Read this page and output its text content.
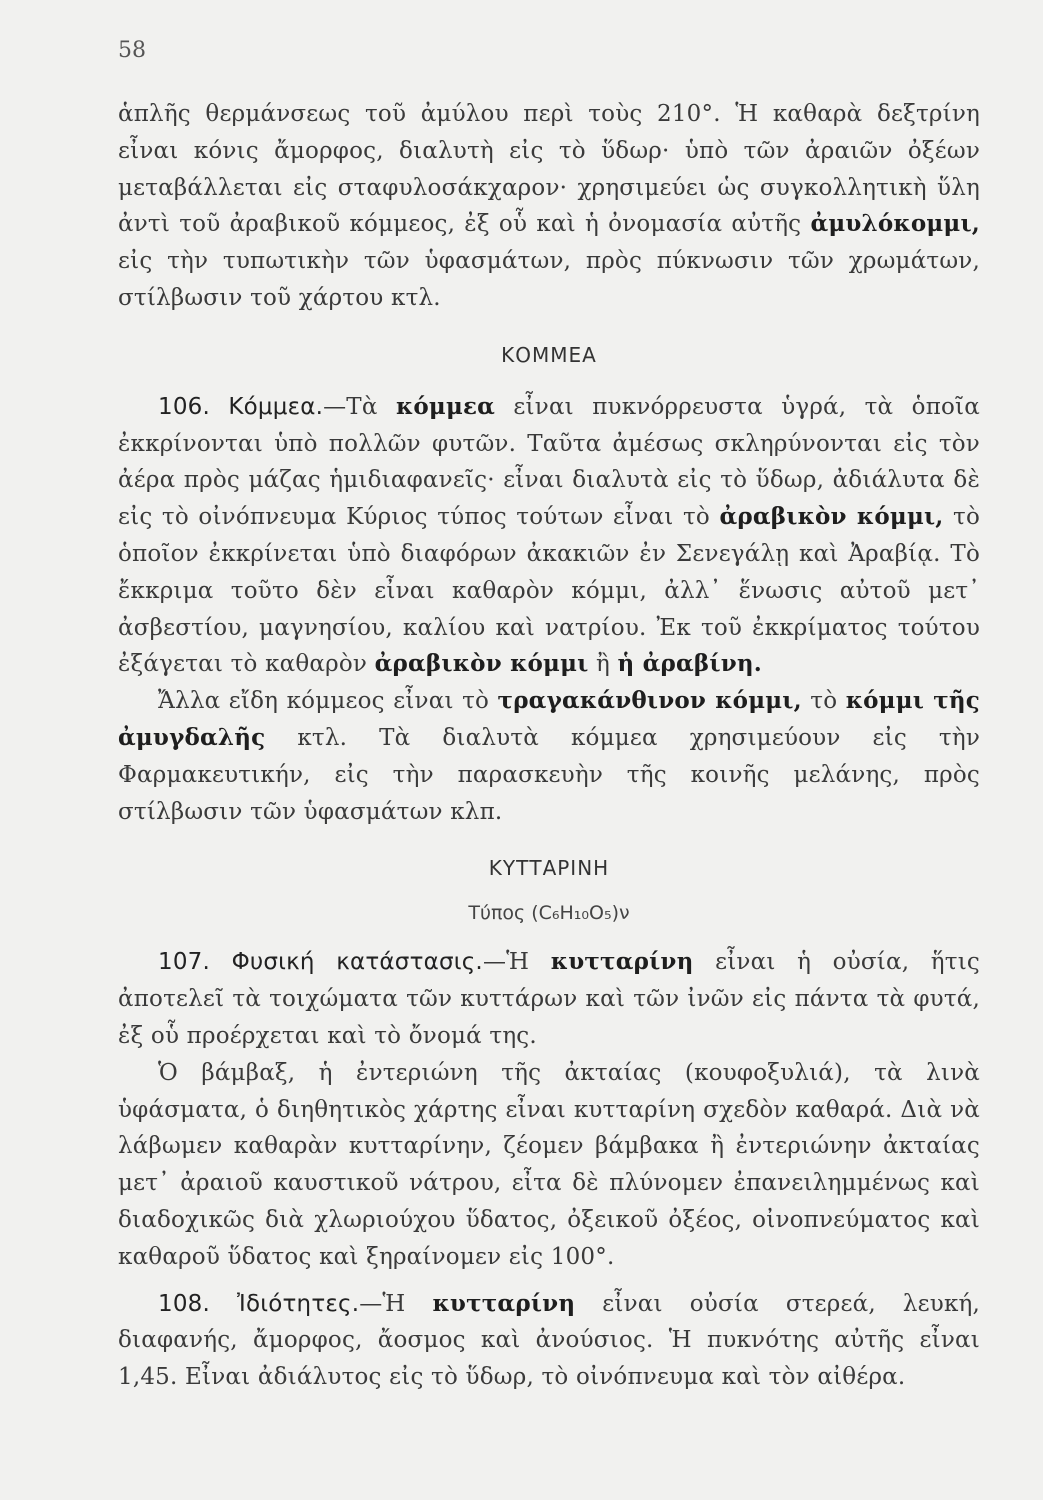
58

ἁπλῆς θερμάνσεως τοῦ ἀμύλου περὶ τοὺς 210°. Ἡ καθαρὰ δεξτρίνη εἶναι κόνις ἄμορφος, διαλυτὴ εἰς τὸ ὕδωρ· ὑπὸ τῶν ἀραιῶν ὀξέων μεταβάλλεται εἰς σταφυλοσάκχαρον· χρησιμεύει ὡς συγκολλητικὴ ὕλη ἀντὶ τοῦ ἀραβικοῦ κόμμεος, ἐξ οὗ καὶ ἡ ὀνομασία αὐτῆς ἀμυλόκομμι, εἰς τὴν τυπωτικὴν τῶν ὑφασμάτων, πρὸς πύκνωσιν τῶν χρωμάτων, στίλβωσιν τοῦ χάρτου κτλ.

ΚΟΜΜΕΑ

106. Κόμμεα.—Τὰ κόμμεα εἶναι πυκνόρρευστα ὑγρά, τὰ ὁποῖα ἐκκρίνονται ὑπὸ πολλῶν φυτῶν. Ταῦτα ἀμέσως σκληρύνονται εἰς τὸν ἀέρα πρὸς μάζας ἡμιδιαφανεῖς· εἶναι διαλυτὰ εἰς τὸ ὕδωρ, ἀδιάλυτα δὲ εἰς τὸ οἰνόπνευμα Κύριος τύπος τούτων εἶναι τὸ ἀραβικὸν κόμμι, τὸ ὁποῖον ἐκκρίνεται ὑπὸ διαφόρων ἀκακιῶν ἐν Σενεγάλῃ καὶ Ἀραβίᾳ. Τὸ ἔκκριμα τοῦτο δὲν εἶναι καθαρὸν κόμμι, ἀλλ᾽ ἕνωσις αὐτοῦ μετ᾽ ἀσβεστίου, μαγνησίου, καλίου καὶ νατρίου. Ἐκ τοῦ ἐκκρίματος τούτου ἐξάγεται τὸ καθαρὸν ἀραβικὸν κόμμι ἢ ἡ ἀραβίνη.

Ἄλλα εἴδη κόμμεος εἶναι τὸ τραγακάνθινον κόμμι, τὸ κόμμι τῆς ἀμυγδαλῆς κτλ. Τὰ διαλυτὰ κόμμεα χρησιμεύουν εἰς τὴν Φαρμακευτικήν, εἰς τὴν παρασκευὴν τῆς κοινῆς μελάνης, πρὸς στίλβωσιν τῶν ὑφασμάτων κλπ.

ΚΥΤΤΑΡΙΝΗ
Τύπος (C₆H₁₀O₅)ν

107. Φυσική κατάστασις.—Ἡ κυτταρίνη εἶναι ἡ οὐσία, ἥτις ἀποτελεῖ τὰ τοιχώματα τῶν κυττάρων καὶ τῶν ἰνῶν εἰς πάντα τὰ φυτά, ἐξ οὗ προέρχεται καὶ τὸ ὄνομά της.

Ὁ βάμβαξ, ἡ ἐντεριώνη τῆς ἀκταίας (κουφοξυλιά), τὰ λινὰ ὑφάσματα, ὁ διηθητικὸς χάρτης εἶναι κυτταρίνη σχεδὸν καθαρά. Διὰ νὰ λάβωμεν καθαρὰν κυτταρίνην, ζέομεν βάμβακα ἢ ἐντεριώνην ἀκταίας μετ᾽ ἀραιοῦ καυστικοῦ νάτρου, εἶτα δὲ πλύνομεν ἐπανειλημμένως καὶ διαδοχικῶς διὰ χλωριούχου ὕδατος, ὀξεικοῦ ὀξέος, οἰνοπνεύματος καὶ καθαροῦ ὕδατος καὶ ξηραίνομεν εἰς 100°.

108. Ἰδιότητες.—Ἡ κυτταρίνη εἶναι οὐσία στερεά, λευκή, διαφανής, ἄμορφος, ἄοσμος καὶ ἀνούσιος. Ἡ πυκνότης αὐτῆς εἶναι 1,45. Εἶναι ἀδιάλυτος εἰς τὸ ὕδωρ, τὸ οἰνόπνευμα καὶ τὸν αἰθέρα.
